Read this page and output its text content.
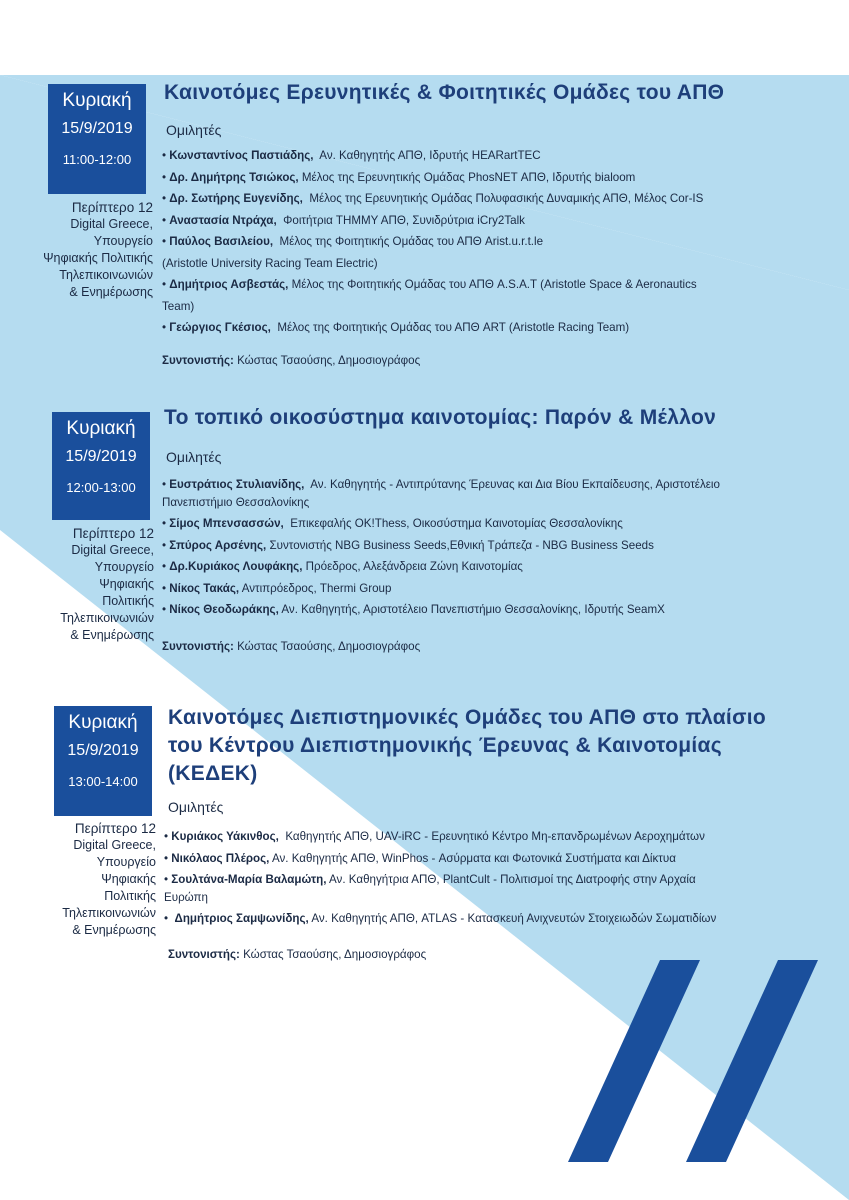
Κυριακή
15/9/2019
11:00-12:00
Περίπτερο 12
Digital Greece,
Υπουργείο
Ψηφιακής Πολιτικής
Τηλεπικοινωνιών
& Ενημέρωσης
Καινοτόμες Ερευνητικές & Φοιτητικές Ομάδες του ΑΠΘ
Ομιλητές
• Κωνσταντίνος Παστιάδης, Αν. Καθηγητής ΑΠΘ, Ιδρυτής HEARartTEC
• Δρ. Δημήτρης Τσιώκος, Μέλος της Ερευνητικής Ομάδας PhosNET ΑΠΘ, Ιδρυτής bialoom
• Δρ. Σωτήρης Ευγενίδης, Μέλος της Ερευνητικής Ομάδας Πολυφασικής Δυναμικής ΑΠΘ, Μέλος Cor-IS
• Αναστασία Ντράχα, Φοιτήτρια ΤΗΜΜΥ ΑΠΘ, Συνιδρύτρια iCry2Talk
• Παύλος Βασιλείου, Μέλος της Φοιτητικής Ομάδας του ΑΠΘ Arist.u.r.t.le
(Aristotle University Racing Team Electric)
• Δημήτριος Ασβεστάς, Μέλος της Φοιτητικής Ομάδας του ΑΠΘ A.S.A.T (Aristotle Space & Aeronautics
Team)
• Γεώργιος Γκέσιος, Μέλος της Φοιτητικής Ομάδας του ΑΠΘ ART (Aristotle Racing Team)
Συντονιστής: Κώστας Τσαούσης, Δημοσιογράφος
Κυριακή
15/9/2019
12:00-13:00
Περίπτερο 12
Digital Greece,
Υπουργείο
Ψηφιακής
Πολιτικής
Τηλεπικοινωνιών
& Ενημέρωσης
Το τοπικό οικοσύστημα καινοτομίας: Παρόν & Μέλλον
Ομιλητές
• Ευστράτιος Στυλιανίδης, Αν. Καθηγητής - Αντιπρύτανης Έρευνας και Δια Βίου Εκπαίδευσης, Αριστοτέλειο
Πανεπιστήμιο Θεσσαλονίκης
• Σίμος Μπενσασσών, Επικεφαλής OK!Thess, Οικοσύστημα Καινοτομίας Θεσσαλονίκης
• Σπύρος Αρσένης, Συντονιστής NBG Business Seeds,Εθνική Τράπεζα - NBG Business Seeds
• Δρ.Κυριάκος Λουφάκης, Πρόεδρος, Αλεξάνδρεια Ζώνη Καινοτομίας
• Νίκος Τακάς, Αντιπρόεδρος, Thermi Group
• Νίκος Θεοδωράκης, Αν. Καθηγητής, Αριστοτέλειο Πανεπιστήμιο Θεσσαλονίκης, Ιδρυτής SeamX
Συντονιστής: Κώστας Τσαούσης, Δημοσιογράφος
Κυριακή
15/9/2019
13:00-14:00
Περίπτερο 12
Digital Greece,
Υπουργείο
Ψηφιακής
Πολιτικής
Τηλεπικοινωνιών
& Ενημέρωσης
Καινοτόμες Διεπιστημονικές Ομάδες του ΑΠΘ στο πλαίσιο
του Κέντρου Διεπιστημονικής Έρευνας & Καινοτομίας
(ΚΕΔΕΚ)
Ομιλητές
• Κυριάκος Υάκινθος, Καθηγητής ΑΠΘ, UAV-iRC - Ερευνητικό Κέντρο Μη-επανδρωμένων Αεροχημάτων
• Νικόλαος Πλέρος, Αν. Καθηγητής ΑΠΘ, WinPhos - Ασύρματα και Φωτονικά Συστήματα και Δίκτυα
• Σουλτάνα-Μαρία Βαλαμώτη, Αν. Καθηγήτρια ΑΠΘ, PlantCult - Πολιτισμοί της Διατροφής στην Αρχαία
Ευρώπη
•  Δημήτριος Σαμψωνίδης, Αν. Καθηγητής ΑΠΘ, ATLAS - Κατασκευή Ανιχνευτών Στοιχειωδών Σωματιδίων
Συντονιστής: Κώστας Τσαούσης, Δημοσιογράφος
